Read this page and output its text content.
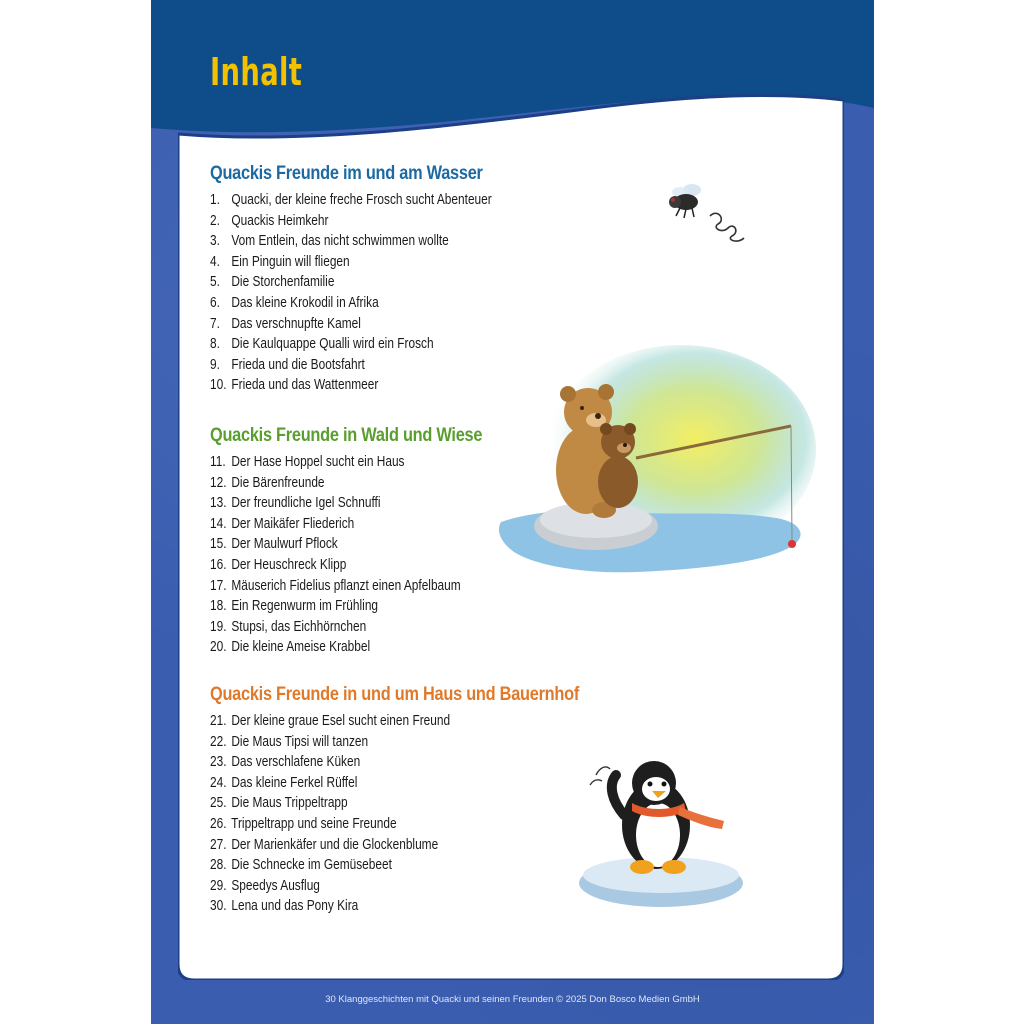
Inhalt
Quackis Freunde im und am Wasser
1. Quacki, der kleine freche Frosch sucht Abenteuer
2. Quackis Heimkehr
3. Vom Entlein, das nicht schwimmen wollte
4. Ein Pinguin will fliegen
5. Die Storchenfamilie
6. Das kleine Krokodil in Afrika
7. Das verschnupfte Kamel
8. Die Kaulquappe Qualli wird ein Frosch
9. Frieda und die Bootsfahrt
10. Frieda und das Wattenmeer
Quackis Freunde in Wald und Wiese
11. Der Hase Hoppel sucht ein Haus
12. Die Bärenfreunde
13. Der freundliche Igel Schnuffi
14. Der Maikäfer Fliederich
15. Der Maulwurf Pflock
16. Der Heuschreck Klipp
17. Mäuserich Fidelius pflanzt einen Apfelbaum
18. Ein Regenwurm im Frühling
19. Stupsi, das Eichhörnchen
20. Die kleine Ameise Krabbel
Quackis Freunde in und um Haus und Bauernhof
21. Der kleine graue Esel sucht einen Freund
22. Die Maus Tipsi will tanzen
23. Das verschlafene Küken
24. Das kleine Ferkel Rüffel
25. Die Maus Trippeltrapp
26. Trippeltrapp und seine Freunde
27. Der Marienkäfer und die Glockenblume
28. Die Schnecke im Gemüsebeet
29. Speedys Ausflug
30. Lena und das Pony Kira
30 Klanggeschichten mit Quacki und seinen Freunden © 2025 Don Bosco Medien GmbH
